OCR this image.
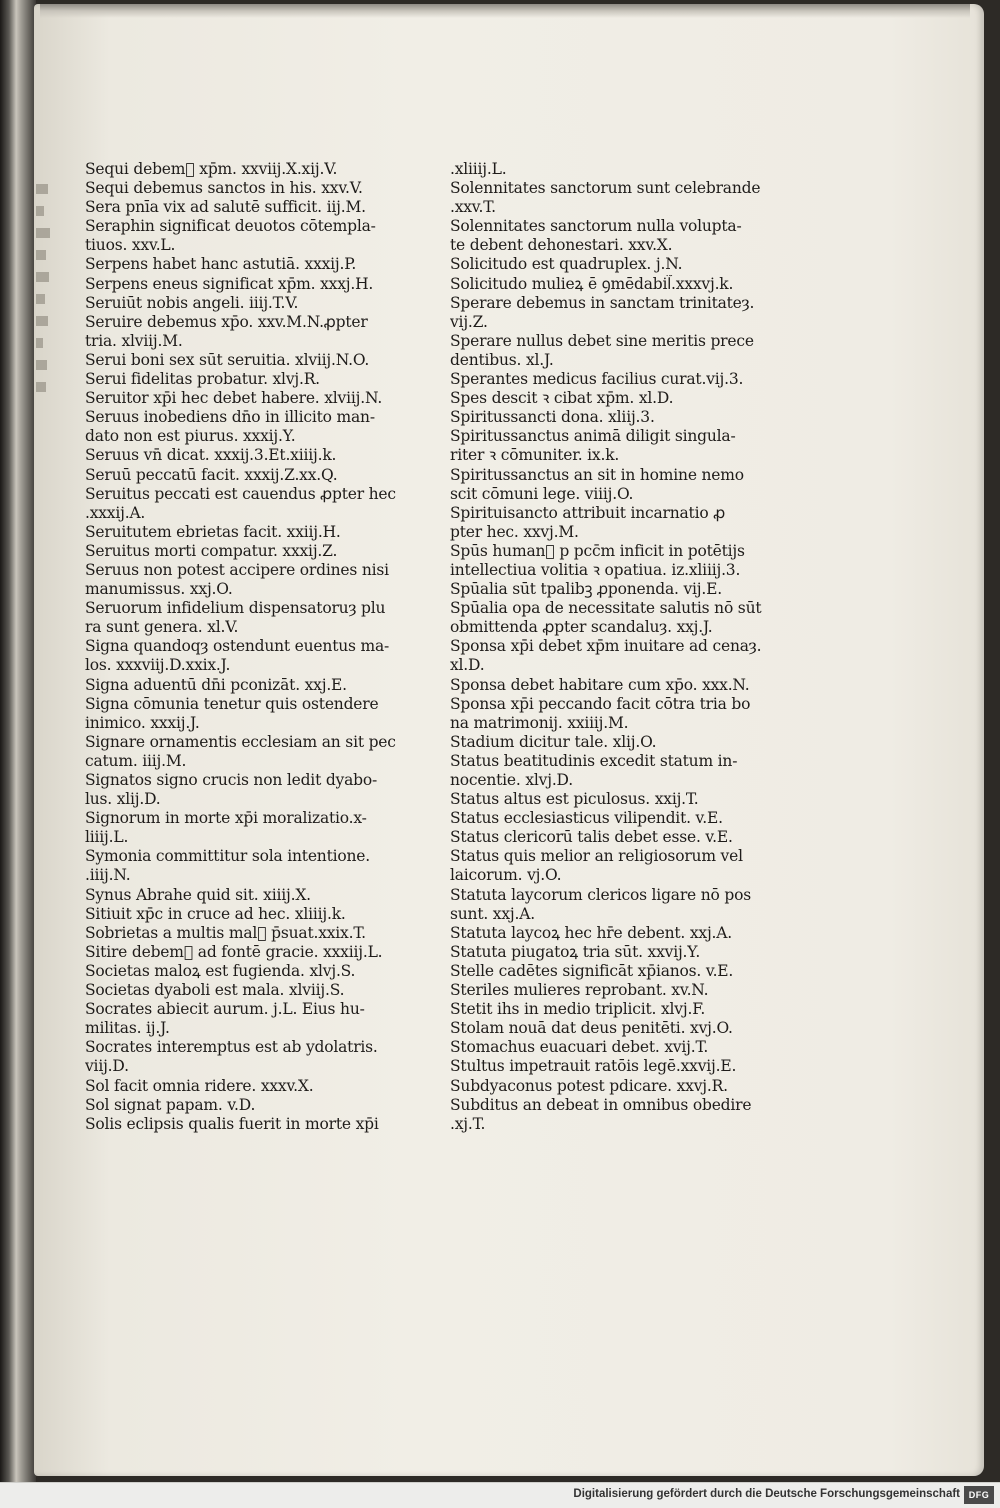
Sequi debem᷑ xp̄m. xxviij.X.xij.V.
Sequi debemus sanctos in his. xxv.V.
Sera pnīa vix ad salutē sufficit. iij.M.
Seraphin significat deuotos cōtempla-
tiuos. xxv.L.
Serpens habet hanc astutiā. xxxij.P.
Serpens eneus significat xp̄m. xxxj.H.
Seruiūt nobis angeli. iiij.T.V.
Seruire debemus xp̄o. xxv.M.N.ꝓpter
tria. xlviij.M.
Serui boni sex sūt seruitia. xlviij.N.O.
Serui fidelitas probatur. xlvj.R.
Seruitor xp̄i hec debet habere. xlviij.N.
Seruus inobediens dn̄o in illicito man-
dato non est piurus. xxxij.Y.
Seruus vn̄ dicat. xxxij.3.Et.xiiij.k.
Seruū peccatū facit. xxxij.Z.xx.Q.
Seruitus peccati est cauendus ꝓpter hec
.xxxij.A.
Seruitutem ebrietas facit. xxiij.H.
Seruitus morti compatur. xxxij.Z.
Seruus non potest accipere ordines nisi
manumissus. xxj.O.
Seruorum infidelium dispensatoruȝ plu
ra sunt genera. xl.V.
Signa quandoqȝ ostendunt euentus ma-
los. xxxviij.D.xxix.J.
Signa aduentū dn̄i pconizāt. xxj.E.
Signa cōmunia tenetur quis ostendere
inimico. xxxij.J.
Signare ornamentis ecclesiam an sit pec
catum. iiij.M.
Signatos signo crucis non ledit dyabo-
lus. xlij.D.
Signorum in morte xp̄i moralizatio.x-
liiij.L.
Symonia committitur sola intentione.
.iiij.N.
Synus Abrahe quid sit. xiiij.X.
Sitiuit xp̄c in cruce ad hec. xliiij.k.
Sobrietas a multis mal᷑ p̄suat.xxix.T.
Sitire debem᷑ ad fontē gracie. xxxiij.L.
Societas maloꝝ est fugienda. xlvj.S.
Societas dyaboli est mala. xlviij.S.
Socrates abiecit aurum. j.L. Eius hu-
militas. ij.J.
Socrates interemptus est ab ydolatris.
viij.D.
Sol facit omnia ridere. xxxv.X.
Sol signat papam. v.D.
Solis eclipsis qualis fuerit in morte xp̄i
.xliiij.L.
Solennitates sanctorum sunt celebrande
.xxv.T.
Solennitates sanctorum nulla volupta-
te debent dehonestari. xxv.X.
Solicitudo est quadruplex. j.N.
Solicitudo mulieꝝ ē ꝯmēdabil᷑.xxxvj.k.
Sperare debemus in sanctam trinitateȝ.
vij.Z.
Sperare nullus debet sine meritis prece
dentibus. xl.J.
Sperantes medicus facilius curat.vij.3.
Spes descit ꝛ cibat xp̄m. xl.D.
Spiritussancti dona. xliij.3.
Spiritussanctus animā diligit singula-
riter ꝛ cōmuniter. ix.k.
Spiritussanctus an sit in homine nemo
scit cōmuni lege. viiij.O.
Spirituisancto attribuit incarnatio ꝓ
pter hec. xxvj.M.
Spūs human᷑ p pcc̄m inficit in potētijs
intellectiua volitia ꝛ opatiua. iz.xliiij.3.
Spūalia sūt tpalibꝫ ꝓponenda. vij.E.
Spūalia opa de necessitate salutis nō sūt
obmittenda ꝓpter scandaluȝ. xxj.J.
Sponsa xp̄i debet xp̄m inuitare ad cenaȝ.
xl.D.
Sponsa debet habitare cum xp̄o. xxx.N.
Sponsa xp̄i peccando facit cōtra tria bo
na matrimonij. xxiiij.M.
Stadium dicitur tale. xlij.O.
Status beatitudinis excedit statum in-
nocentie. xlvj.D.
Status altus est piculosus. xxij.T.
Status ecclesiasticus vilipendit. v.E.
Status clericorū talis debet esse. v.E.
Status quis melior an religiosorum vel
laicorum. vj.O.
Statuta laycorum clericos ligare nō pos
sunt. xxj.A.
Statuta laycoꝝ hec hr̄e debent. xxj.A.
Statuta piugatoꝝ tria sūt. xxvij.Y.
Stelle cadētes significāt xp̄ianos. v.E.
Steriles mulieres reprobant. xv.N.
Stetit ih̄s in medio triplicit. xlvj.F.
Stolam nouā dat deus penitēti. xvj.O.
Stomachus euacuari debet. xvij.T.
Stultus impetrauit ratōis legē.xxvij.E.
Subdyaconus potest pdicare. xxvj.R.
Subditus an debeat in omnibus obedire
.xj.T.
Digitalisierung gefördert durch die Deutsche Forschungsgemeinschaft DFG
